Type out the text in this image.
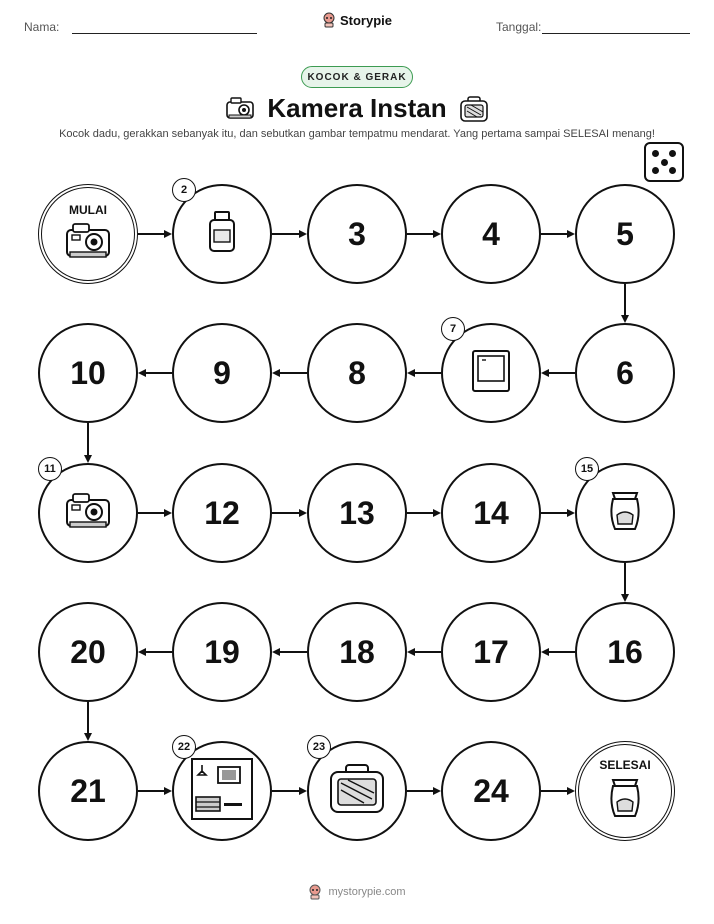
Nama:	Storypie	Tanggal:
KOCOK & GERAK
Kamera Instan
Kocok dadu, gerakkan sebanyak itu, dan sebutkan gambar tempatmu mendarat. Yang pertama sampai SELESAI menang!
MULAI
2
3	4	5
6
7
8
9
10
11
12	13	14
15
16
17
18
19
20
21
22	23
24
SELESAI
mystorypie.com
